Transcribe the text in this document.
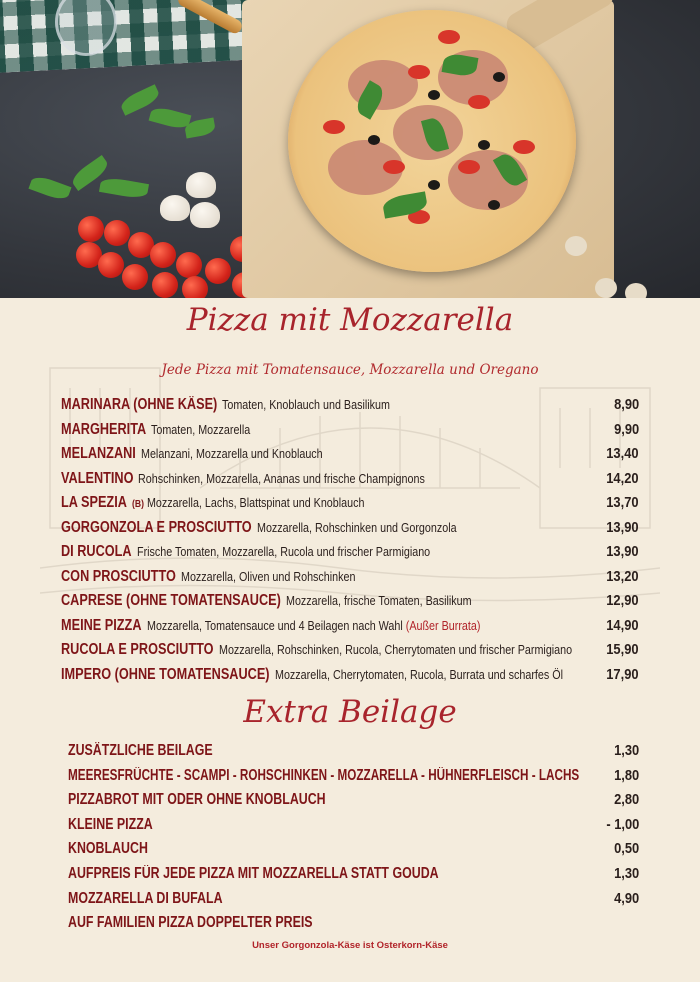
Pizza mit Mozzarella
Jede Pizza mit Tomatensauce, Mozzarella und Oregano
MARINARA (OHNE KÄSE) Tomaten, Knoblauch und Basilikum	8,90
MARGHERITA Tomaten, Mozzarella	9,90
MELANZANI Melanzani, Mozzarella und Knoblauch	13,40
VALENTINO Rohschinken, Mozzarella, Ananas und frische Champignons	14,20
LA SPEZIA (B) Mozzarella, Lachs, Blattspinat und Knoblauch	13,70
GORGONZOLA E PROSCIUTTO Mozzarella, Rohschinken und Gorgonzola	13,90
DI RUCOLA Frische Tomaten, Mozzarella, Rucola und frischer Parmigiano	13,90
CON PROSCIUTTO Mozzarella, Oliven und Rohschinken	13,20
CAPRESE (OHNE TOMATENSAUCE) Mozzarella, frische Tomaten, Basilikum	12,90
MEINE PIZZA Mozzarella, Tomatensauce und 4 Beilagen nach Wahl (Außer Burrata)	14,90
RUCOLA E PROSCIUTTO Mozzarella, Rohschinken, Rucola, Cherrytomaten und frischer Parmigiano 15,90
IMPERO (OHNE TOMATENSAUCE) Mozzarella, Cherrytomaten, Rucola, Burrata und scharfes Öl	17,90
Extra Beilage
ZUSÄTZLICHE BEILAGE	1,30
MEERESFRÜCHTE - SCAMPI - ROHSCHINKEN - MOZZARELLA - HÜHNERFLEISCH - LACHS 1,80
PIZZABROT MIT ODER OHNE KNOBLAUCH	2,80
KLEINE PIZZA	- 1,00
KNOBLAUCH	0,50
AUFPREIS FÜR JEDE PIZZA MIT MOZZARELLA STATT GOUDA	1,30
MOZZARELLA DI BUFALA	4,90
AUF FAMILIEN PIZZA DOPPELTER PREIS
Unser Gorgonzola-Käse ist Osterkorn-Käse
